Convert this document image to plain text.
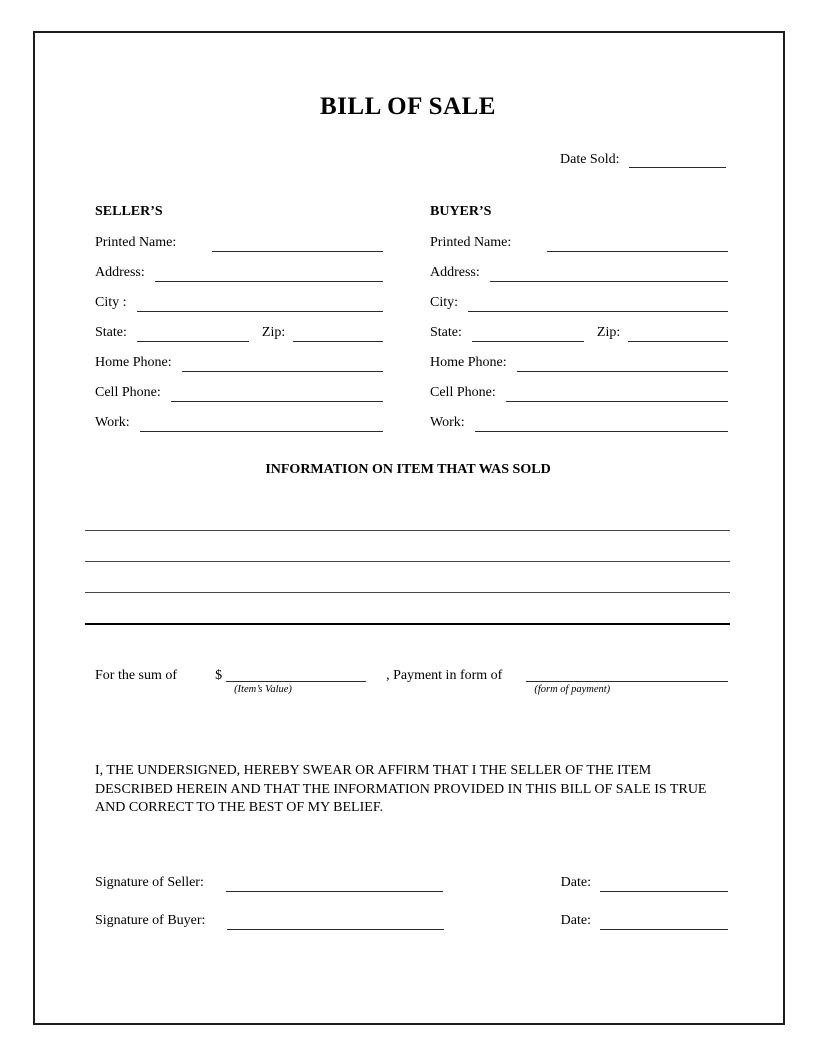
BILL OF SALE
Date Sold:
SELLER’S
Printed Name:
Address:
City :
State:	Zip:
Home Phone:
Cell Phone:
Work:
BUYER’S
Printed Name:
Address:
City:
State:	Zip:
Home Phone:
Cell Phone:
Work:
INFORMATION ON ITEM THAT WAS SOLD
For the sum of	$
(Item’s Value)
, Payment in form of
(form of payment)
I, THE UNDERSIGNED, HEREBY SWEAR OR AFFIRM THAT I THE SELLER OF THE ITEM DESCRIBED HEREIN AND THAT THE INFORMATION PROVIDED IN THIS BILL OF SALE IS TRUE AND CORRECT TO THE BEST OF MY BELIEF.
Signature of Seller:	Date:
Signature of Buyer:	Date:
